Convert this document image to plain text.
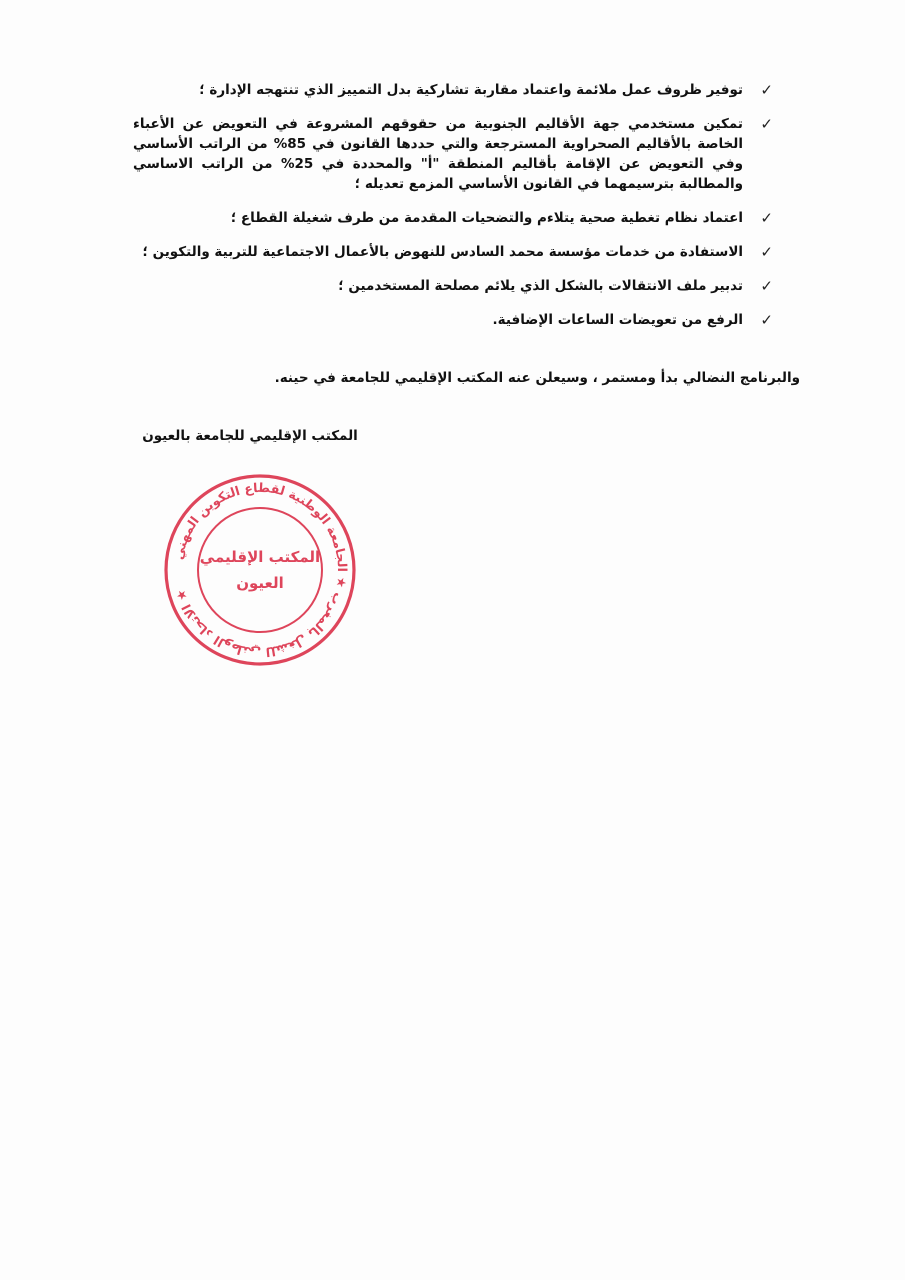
✓
توفير ظروف عمل ملائمة واعتماد مقاربة تشاركية بدل التمييز الذي تنتهجه الإدارة ؛
✓
تمكين مستخدمي جهة الأقاليم الجنوبية من حقوقهم المشروعة في التعويض عن الأعباء الخاصة بالأقاليم الصحراوية المسترجعة والتي حددها القانون في 85% من الراتب الأساسي وفي التعويض عن الإقامة بأقاليم المنطقة "أ" والمحددة في 25% من الراتب الاساسي والمطالبة بترسيمهما في القانون الأساسي المزمع تعديله ؛
✓
اعتماد نظام تغطية صحية يتلاءم والتضحيات المقدمة من طرف شغيلة القطاع ؛
✓
الاستفادة من خدمات مؤسسة محمد السادس للنهوض بالأعمال الاجتماعية للتربية والتكوين ؛
✓
تدبير ملف الانتقالات بالشكل الذي يلائم مصلحة المستخدمين ؛
✓
الرفع من تعويضات الساعات الإضافية.
والبرنامج النضالي بدأ ومستمر ، وسيعلن عنه المكتب الإقليمي للجامعة في حينه.
المكتب الإقليمي للجامعة بالعيون
الاتحاد الوطني للشغل بالمغرب ★ الجامعة الوطنية لقطاع التكوين المهني ★
المكتب الإقليمي
العيون
